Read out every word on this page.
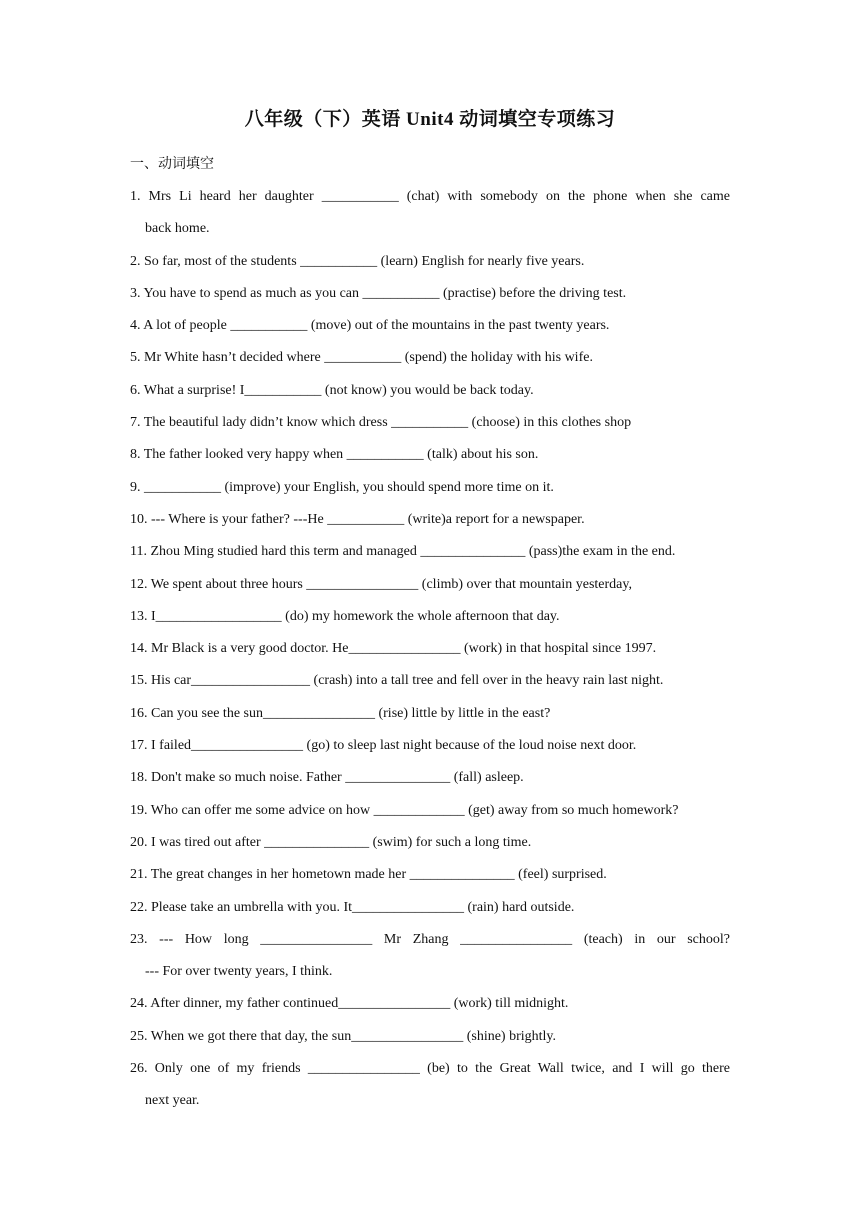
八年级（下）英语 Unit4 动词填空专项练习
一、动词填空
1. Mrs Li heard her daughter ___________ (chat) with somebody on the phone when she came
back home.
2. So far, most of the students ___________ (learn) English for nearly five years.
3. You have to spend as much as you can ___________ (practise) before the driving test.
4. A lot of people ___________ (move) out of the mountains in the past twenty years.
5. Mr White hasn’t decided where ___________ (spend) the holiday with his wife.
6. What a surprise! I___________ (not know) you would be back today.
7. The beautiful lady didn’t know which dress ___________ (choose) in this clothes shop
8. The father looked very happy when ___________ (talk) about his son.
9. ___________ (improve) your English, you should spend more time on it.
10. --- Where is your father? ---He ___________ (write)a report for a newspaper.
11. Zhou Ming studied hard this term and managed _______________ (pass)the exam in the end.
12. We spent about three hours ________________ (climb) over that mountain yesterday,
13. I__________________ (do) my homework the whole afternoon that day.
14. Mr Black is a very good doctor. He________________ (work) in that hospital since 1997.
15. His car_________________ (crash) into a tall tree and fell over in the heavy rain last night.
16. Can you see the sun________________ (rise) little by little in the east?
17. I failed________________ (go) to sleep last night because of the loud noise next door.
18. Don't make so much noise. Father _______________ (fall) asleep.
19. Who can offer me some advice on how _____________ (get) away from so much homework?
20. I was tired out after _______________ (swim) for such a long time.
21. The great changes in her hometown made her _______________ (feel) surprised.
22. Please take an umbrella with you. It________________ (rain) hard outside.
23. --- How long ________________ Mr Zhang ________________ (teach) in our school?
--- For over twenty years, I think.
24. After dinner, my father continued________________ (work) till midnight.
25. When we got there that day, the sun________________ (shine) brightly.
26. Only one of my friends ________________ (be) to the Great Wall twice, and I will go there
next year.
